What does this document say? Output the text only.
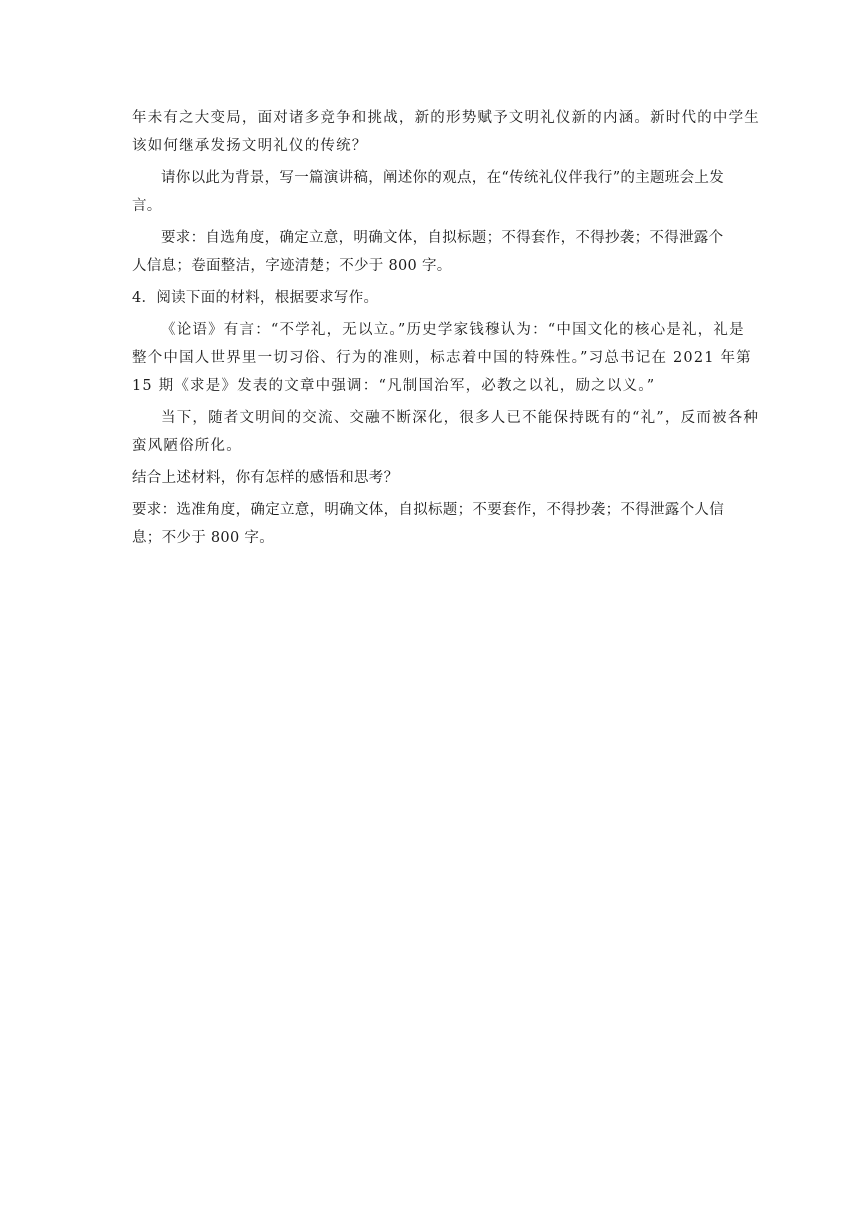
年未有之大变局，面对诸多竞争和挑战，新的形势赋予文明礼仪新的内涵。新时代的中学生
该如何继承发扬文明礼仪的传统？
请你以此为背景，写一篇演讲稿，阐述你的观点，在“传统礼仪伴我行”的主题班会上发
言。
要求：自选角度，确定立意，明确文体，自拟标题；不得套作，不得抄袭；不得泄露个
人信息；卷面整洁，字迹清楚；不少于 800 字。
4．阅读下面的材料，根据要求写作。
《论语》有言：“不学礼，无以立。”历史学家钱穆认为：“中国文化的核心是礼，礼是
整个中国人世界里一切习俗、行为的准则，标志着中国的特殊性。”习总书记在 2021 年第
15 期《求是》发表的文章中强调：“凡制国治军，必教之以礼，励之以义。”
当下，随者文明间的交流、交融不断深化，很多人已不能保持既有的“礼”，反而被各种
蛮风陋俗所化。
结合上述材料，你有怎样的感悟和思考？
要求：选准角度，确定立意，明确文体，自拟标题；不要套作，不得抄袭；不得泄露个人信
息；不少于 800 字。
